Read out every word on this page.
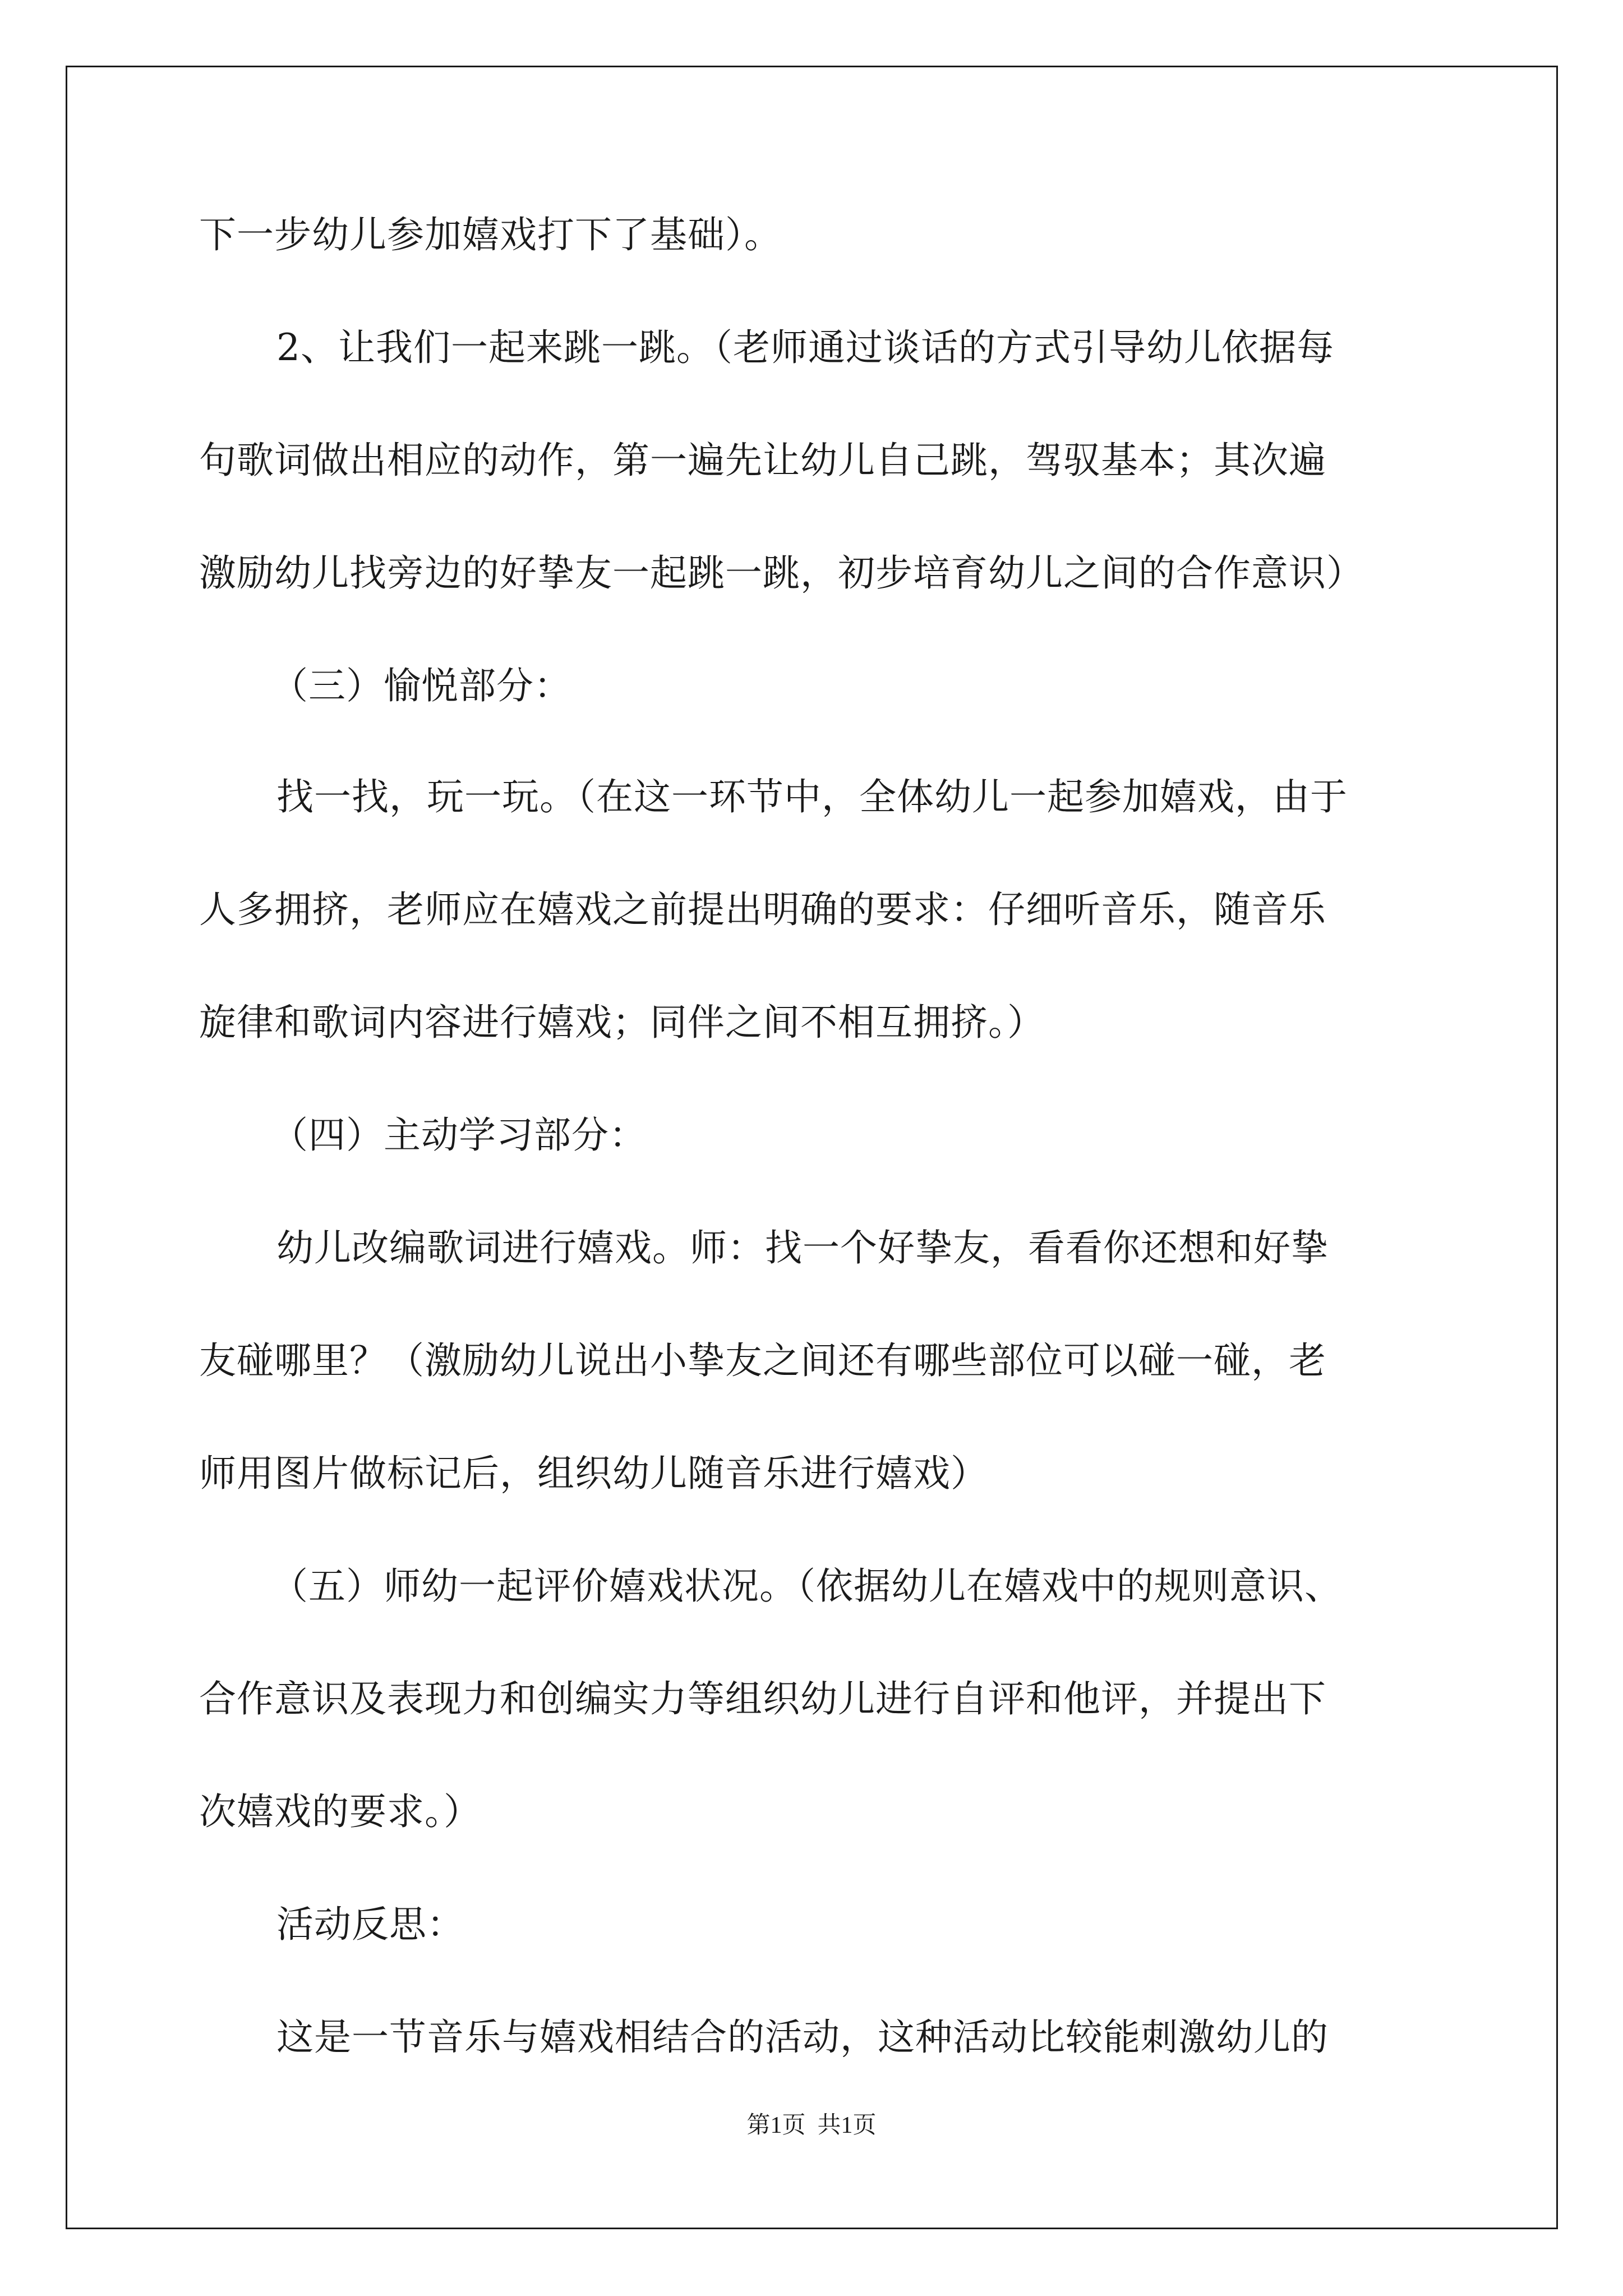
下一步幼儿参加嬉戏打下了基础）。

2、让我们一起来跳一跳。（老师通过谈话的方式引导幼儿依据每

句歌词做出相应的动作，第一遍先让幼儿自己跳，驾驭基本；其次遍

激励幼儿找旁边的好挚友一起跳一跳，初步培育幼儿之间的合作意识）

（三）愉悦部分：

找一找，玩一玩。（在这一环节中，全体幼儿一起参加嬉戏，由于

人多拥挤，老师应在嬉戏之前提出明确的要求：仔细听音乐，随音乐

旋律和歌词内容进行嬉戏；同伴之间不相互拥挤。）

（四）主动学习部分：

幼儿改编歌词进行嬉戏。师：找一个好挚友，看看你还想和好挚

友碰哪里？（激励幼儿说出小挚友之间还有哪些部位可以碰一碰，老

师用图片做标记后，组织幼儿随音乐进行嬉戏）

（五）师幼一起评价嬉戏状况。（依据幼儿在嬉戏中的规则意识、

合作意识及表现力和创编实力等组织幼儿进行自评和他评，并提出下

次嬉戏的要求。）

活动反思：

这是一节音乐与嬉戏相结合的活动，这种活动比较能刺激幼儿的

第1页  共1页
